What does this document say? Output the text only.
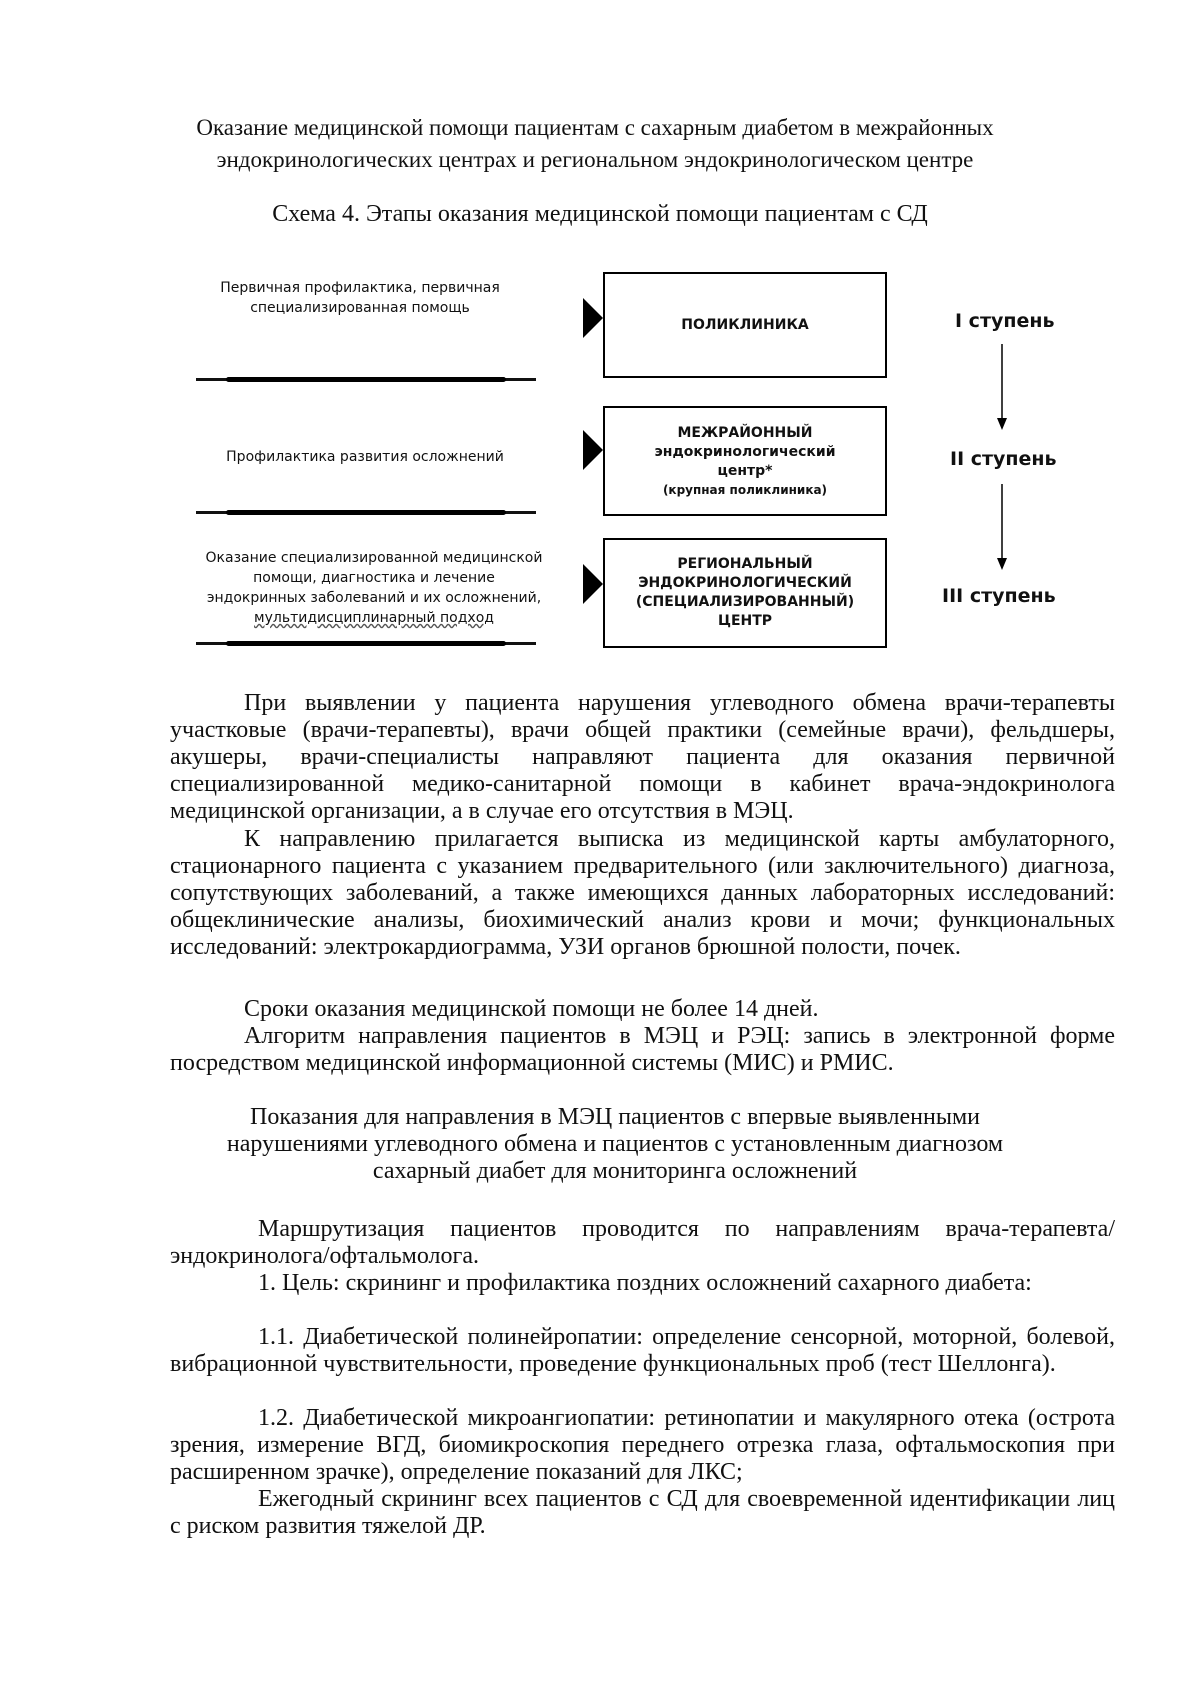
Оказание медицинской помощи пациентам с сахарным диабетом в межрайонных
эндокринологических центрах и региональном эндокринологическом центре
Схема 4. Этапы оказания медицинской помощи пациентам с СД
Первичная профилактика, первичная
специализированная помощь
ПОЛИКЛИНИКА	I ступень
Профилактика развития осложнений
МЕЖРАЙОННЫЙ
эндокринологический
центр*
(крупная поликлиника)
II ступень
Оказание специализированной медицинской
помощи, диагностика и лечение
эндокринных заболеваний и их осложнений,
мультидисциплинарный подход
РЕГИОНАЛЬНЫЙ
ЭНДОКРИНОЛОГИЧЕСКИЙ
(СПЕЦИАЛИЗИРОВАННЫЙ)
ЦЕНТР
III ступень
При выявлении у пациента нарушения углеводного обмена врачи-терапевты участковые (врачи-терапевты), врачи общей практики (семейные врачи), фельдшеры, акушеры, врачи-специалисты направляют пациента для оказания первичной специализированной медико-санитарной помощи в кабинет врача-эндокринолога медицинской организации, а в случае его отсутствия в МЭЦ.
К направлению прилагается выписка из медицинской карты амбулаторного, стационарного пациента с указанием предварительного (или заключительного) диагноза, сопутствующих заболеваний, а также имеющихся данных лабораторных исследований: общеклинические анализы, биохимический анализ крови и мочи; функциональных исследований: электрокардиограмма, УЗИ органов брюшной полости, почек.
Сроки оказания медицинской помощи не более 14 дней.
Алгоритм направления пациентов в МЭЦ и РЭЦ: запись в электронной форме посредством медицинской информационной системы (МИС) и РМИС.
Показания для направления в МЭЦ пациентов с впервые выявленными
нарушениями углеводного обмена и пациентов с установленным диагнозом
сахарный диабет для мониторинга осложнений
Маршрутизация пациентов проводится по направлениям врача-терапевта/эндокринолога/офтальмолога.
1. Цель: скрининг и профилактика поздних осложнений сахарного диабета:
1.1. Диабетической полинейропатии: определение сенсорной, моторной, болевой, вибрационной чувствительности, проведение функциональных проб (тест Шеллонга).
1.2. Диабетической микроангиопатии: ретинопатии и макулярного отека (острота зрения, измерение ВГД, биомикроскопия переднего отрезка глаза, офтальмоскопия при расширенном зрачке), определение показаний для ЛКС;
Ежегодный скрининг всех пациентов с СД для своевременной идентификации лиц с риском развития тяжелой ДР.
